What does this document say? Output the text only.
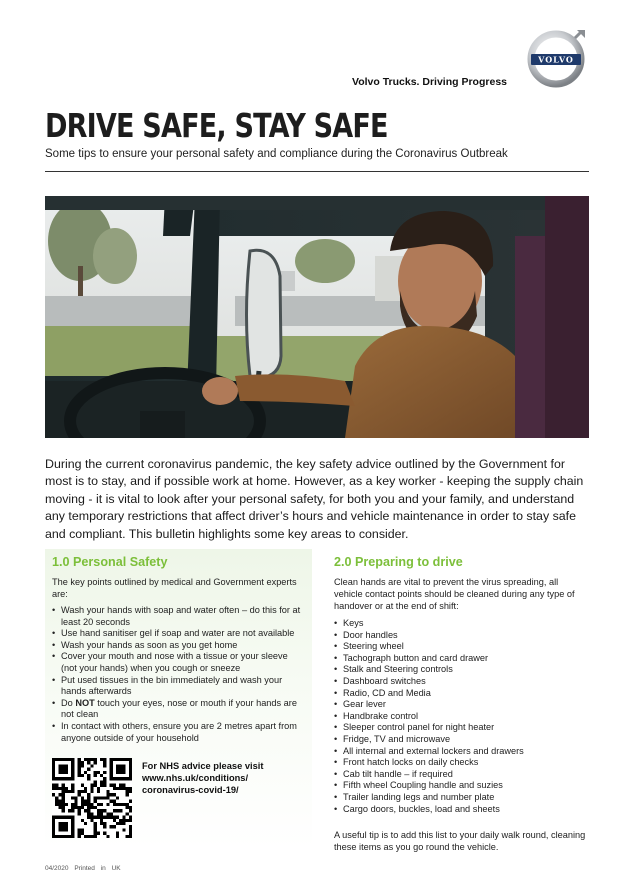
VOLVO
Volvo Trucks. Driving Progress
DRIVE SAFE, STAY SAFE
Some tips to ensure your personal safety and compliance during the Coronavirus Outbreak
During the current coronavirus pandemic, the key safety advice outlined by the Government for most is to stay, and if possible work at home. However, as a key worker - keeping the supply chain moving - it is vital to look after your personal safety, for both you and your family, and understand any temporary restrictions that affect driver’s hours and vehicle maintenance in order to stay safe and compliant. This bulletin highlights some key areas to consider.
1.0 Personal Safety
The key points outlined by medical and Government experts are:
• Wash your hands with soap and water often – do this for at least 20 seconds
• Use hand sanitiser gel if soap and water are not available
• Wash your hands as soon as you get home
• Cover your mouth and nose with a tissue or your sleeve (not your hands) when you cough or sneeze
• Put used tissues in the bin immediately and wash your hands afterwards
• Do NOT touch your eyes, nose or mouth if your hands are not clean
• In contact with others, ensure you are 2 metres apart from anyone outside of your household
For NHS advice please visit www.nhs.uk/conditions/ coronavirus-covid-19/
2.0 Preparing to drive
Clean hands are vital to prevent the virus spreading, all vehicle contact points should be cleaned during any type of handover or at the end of shift:
• Keys
• Door handles
• Steering wheel
• Tachograph button and card drawer
• Stalk and Steering controls
• Dashboard switches
• Radio, CD and Media
• Gear lever
• Handbrake control
• Sleeper control panel for night heater
• Fridge, TV and microwave
• All internal and external lockers and drawers
• Front hatch locks on daily checks
• Cab tilt handle – if required
• Fifth wheel Coupling handle and suzies
• Trailer landing legs and number plate
• Cargo doors, buckles, load and sheets
A useful tip is to add this list to your daily walk round, cleaning these items as you go round the vehicle.
04/2020 Printed in UK
